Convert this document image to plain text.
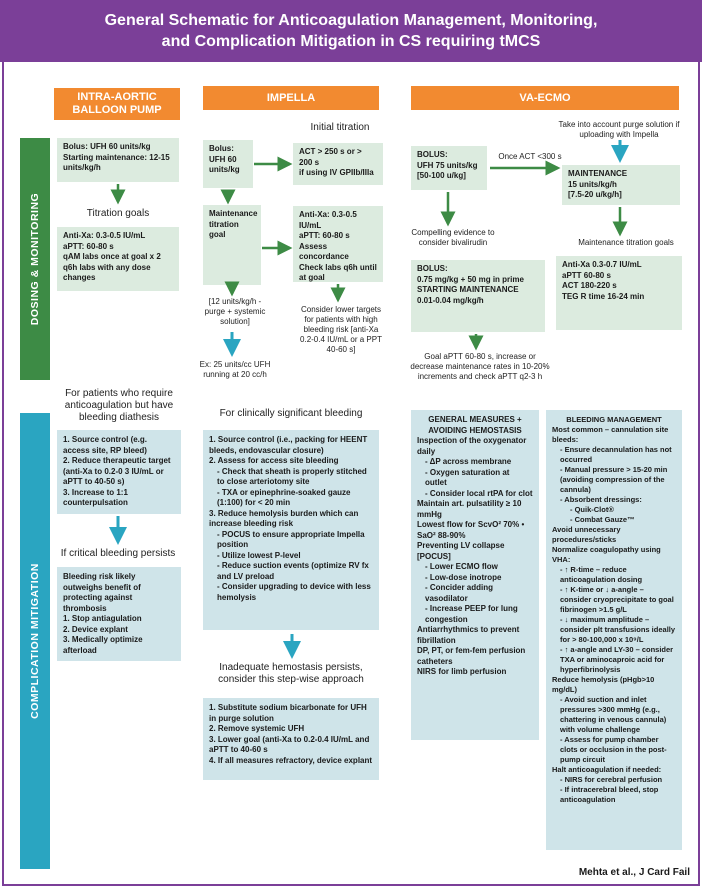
General Schematic for Anticoagulation Management, Monitoring,
and Complication Mitigation in CS requiring tMCS
INTRA-AORTIC
BALLOON PUMP
IMPELLA	VA-ECMO
DOSING & MONITORING
COMPLICATION MITIGATION
Bolus: UFH 60 units/kg
Starting maintenance: 12-15 units/kg/h
Titration goals
Anti-Xa: 0.3-0.5 IU/mL
aPTT: 60-80 s
qAM labs once at goal x 2
q6h labs with any dose changes
For patients who require anticoagulation but have bleeding diathesis
1. Source control (e.g. access site, RP bleed)
2. Reduce therapeutic target (anti-Xa to 0.2-0 3 IU/mL or aPTT to 40-50 s)
3. Increase to 1:1 counterpulsation
If critical bleeding persists
Bleeding risk likely outweighs benefit of protecting against thrombosis
1. Stop antiagulation
2. Device explant
3. Medically optimize afterload
Initial titration
Bolus:
UFH 60
units/kg
ACT > 250 s or > 200 s
if using IV GPIIb/IIIa
Maintenance
titration goal
Anti-Xa: 0.3-0.5 IU/mL
aPTT: 60-80 s
Assess concordance
Check labs q6h until at goal
[12 units/kg/h - purge + systemic solution]
Consider lower targets for patients with high bleeding risk [anti-Xa 0.2-0.4 IU/mL or a PPT 40-60 s]
Ex: 25 units/cc UFH running at 20 cc/h
For clinically significant bleeding
1. Source control (i.e., packing for HEENT bleeds, endovascular closure)
2. Assess for access site bleeding
- Check that sheath is properly stitched to close arteriotomy site
- TXA or epinephrine-soaked gauze (1:100) for < 20 min
3. Reduce hemolysis burden which can increase bleeding risk
- POCUS to ensure appropriate Impella position
- Utilize lowest P-level
- Reduce suction events (optimize RV fx and LV preload
- Consider upgrading to device with less hemolysis
Inadequate hemostasis persists, consider this step-wise approach
1. Substitute sodium bicarbonate for UFH in purge solution
2. Remove systemic UFH
3. Lower goal (anti-Xa to 0.2-0.4 IU/mL and aPTT to 40-60 s
4. If all measures refractory, device explant
Take into account purge solution if uploading with Impella
BOLUS:
UFH 75 units/kg
[50-100 u/kg]
Once ACT <300 s
MAINTENANCE
15 units/kg/h
[7.5-20 u/kg/h]
Compelling evidence to consider bivalirudin	Maintenance titration goals
BOLUS:
0.75 mg/kg + 50 mg in prime
STARTING MAINTENANCE
0.01-0.04 mg/kg/h
Anti-Xa 0.3-0.7 IU/mL
aPTT 60-80 s
ACT 180-220 s
TEG R time 16-24 min
Goal aPTT 60-80 s, increase or decrease maintenance rates in 10-20% increments and check aPTT q2-3 h
GENERAL MEASURES + AVOIDING HEMOSTASIS
Inspection of the oxygenator daily
- ΔP across membrane
- Oxygen saturation at outlet
- Consider local rtPA for clot
Maintain art. pulsatility ≥ 10 mmHg
Lowest flow for ScvO² 70% • SaO² 88-90%
Preventing LV collapse [POCUS]
- Lower ECMO flow
- Low-dose inotrope
- Concider adding vasodilator
- Increase PEEP for lung congestion
Antiarrhythmics to prevent fibrillation
DP, PT, or fem-fem perfusion catheters
NIRS for limb perfusion
BLEEDING MANAGEMENT
Most common – cannulation site bleeds:
- Ensure decannulation has not occurred
- Manual pressure > 15-20 min (avoiding compression of the cannula)
- Absorbent dressings:
- Quik-Clot®
- Combat Gauze™
Avoid unnecessary procedures/sticks
Normalize coagulopathy using VHA:
- ↑ R-time – reduce anticoagulation dosing
- ↑ K-time or ↓ a-angle – consider cryoprecipitate to goal fibrinogen >1.5 g/L
- ↓ maximum amplitude – consider plt transfusions ideally for > 80-100,000 x 10⁹/L
- ↑ a-angle and LY-30 – consider TXA or aminocaproic acid for hyperfibrinolysis
Reduce hemolysis (pHgb>10 mg/dL)
- Avoid suction and inlet pressures >300 mmHg (e.g., chattering in venous cannula) with volume challenge
- Assess for pump chamber clots or occlusion in the post-pump circuit
Halt anticoagulation if needed:
- NIRS for cerebral perfusion
- If intracerebral bleed, stop anticoagulation
Mehta et al., J Card Fail
